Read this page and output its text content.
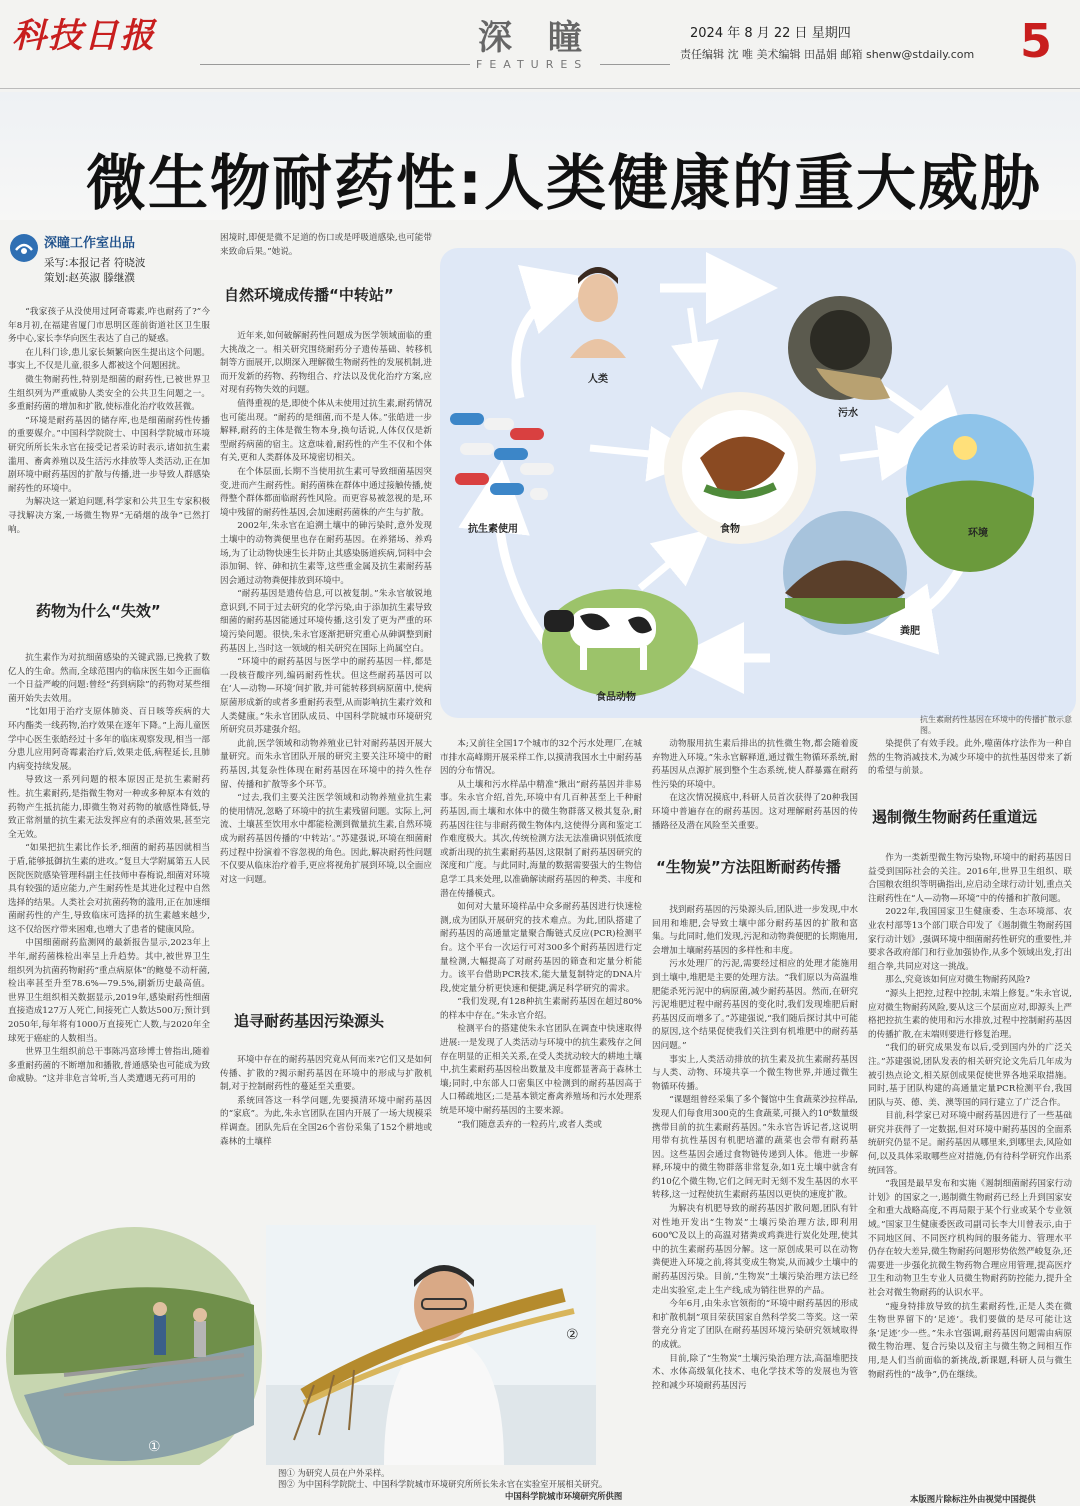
科技日报	深 瞳
FEATURES
2024 年 8 月 22 日 星期四
责任编辑 沈 唯 美术编辑 田晶娟 邮箱 shenw@stdaily.com 5
微生物耐药性:人类健康的重大威胁
深瞳工作室出品
采写:本报记者 符晓波
策划:赵英淑 滕继濮

“我家孩子从没使用过阿奇霉素,咋也耐药了?”今年8月初,在福建省厦门市思明区莲前街道社区卫生服务中心,家长李华向医生表达了自己的疑惑。

在儿科门诊,患儿家长频繁向医生提出这个问题。事实上,不仅是儿童,很多人都被这个问题困扰。

微生物耐药性,特别是细菌的耐药性,已被世界卫生组织列为严重威胁人类安全的公共卫生问题之一。多重耐药菌的增加和扩散,使标准化治疗收效甚微。

“环境是耐药基因的储存库,也是细菌耐药性传播的重要媒介。”中国科学院院士、中国科学院城市环境研究所所长朱永官在接受记者采访时表示,诸如抗生素滥用、畜禽养殖以及生活污水排放等人类活动,正在加剧环境中耐药基因的扩散与传播,进一步导致人群感染耐药性的环境中。

为解决这一紧迫问题,科学家和公共卫生专家积极寻找解决方案,一场微生物界“无硝烟的战争”已然打响。

药物为什么“失效”

抗生素作为对抗细菌感染的关键武器,已挽救了数亿人的生命。然而,全球范围内的临床医生如今正面临一个日益严峻的问题:曾经“药到病除”的药物对某些细菌开始失去效用。

“比如用于治疗支原体肺炎、百日咳等疾病的大环内酯类一线药物,治疗效果在逐年下降。”上海儿童医学中心医生张皓经过十多年的临床观察发现,相当一部分患儿应用阿奇霉素治疗后,效果走低,病程延长,且肺内病变持续发展。

导致这一系列问题的根本原因正是抗生素耐药性。抗生素耐药,是指微生物对一种或多种原本有效的药物产生抵抗能力,即微生物对药物的敏感性降低,导致正常剂量的抗生素无法发挥应有的杀菌效果,甚至完全无效。

“如果把抗生素比作长矛,细菌的耐药基因就相当于盾,能够抵御抗生素的进攻。”复旦大学附属第五人民医院医院感染管理科副主任技师申春梅说,细菌对环境具有较强的适应能力,产生耐药性是其进化过程中自然选择的结果。人类社会对抗菌药物的滥用,正在加速细菌耐药性的产生,导致临床可选择的抗生素越来越少,这不仅给医疗带来困难,也增大了患者的健康风险。

中国细菌耐药监测网的最新报告显示,2023年上半年,耐药菌株检出率呈上升趋势。其中,被世界卫生组织列为抗菌药物耐药“重点病原体”的鲍曼不动杆菌,检出率甚至升至78.6%—79.5%,刷新历史最高值。世界卫生组织相关数据显示,2019年,感染耐药性细菌直接造成127万人死亡,间接死亡人数达500万;预计到2050年,每年将有1000万直接死亡人数,与2020年全球死于癌症的人数相当。

世界卫生组织前总干事陈冯富珍博士曾指出,随着多重耐药菌的不断增加和播散,普通感染也可能成为致命威胁。“这并非危言耸听,当人类遭遇无药可用的

困境时,即便是微不足道的伤口或是呼吸道感染,也可能带来致命后果。”她说。

自然环境成传播“中转站”

近年来,如何破解耐药性问题成为医学领域面临的重大挑战之一。相关研究围绕耐药分子遗传基础、转移机制等方面展开,以期深入理解微生物耐药性的发展机制,进而开发新的药物、药物组合、疗法以及优化治疗方案,应对现有药物失效的问题。

值得重视的是,即使个体从未使用过抗生素,耐药情况也可能出现。“耐药的是细菌,而不是人体。”张皓进一步解释,耐药的主体是微生物本身,换句话说,人体仅仅是新型耐药病菌的宿主。这意味着,耐药性的产生不仅和个体有关,更和人类群体及环境密切相关。

在个体层面,长期不当使用抗生素可导致细菌基因突变,进而产生耐药性。耐药菌株在群体中通过接触传播,使得整个群体都面临耐药性风险。而更容易被忽视的是,环境中残留的耐药性基因,会加速耐药菌株的产生与扩散。

2002年,朱永官在追溯土壤中的砷污染时,意外发现土壤中的动物粪便里也存在耐药基因。在养猪场、养鸡场,为了让动物快速生长并防止其感染肠道疾病,饲料中会添加铜、锌、砷和抗生素等,这些重金属及抗生素耐药基因会通过动物粪便排放到环境中。

“耐药基因是遗传信息,可以被复制。”朱永官敏锐地意识到,不同于过去研究的化学污染,由于添加抗生素导致细菌的耐药基因能通过环境传播,这引发了更为严重的环境污染问题。很快,朱永官逐渐把研究重心从砷调整到耐药基因上,当时这一领域的相关研究在国际上尚属空白。

“环境中的耐药基因与医学中的耐药基因一样,都是一段核苷酸序列,编码耐药性状。但这些耐药基因可以在‘人—动物—环境’间扩散,并可能转移到病原菌中,使病原菌形成新的或者多重耐药表型,从而影响抗生素疗效和人类健康。”朱永官团队成员、中国科学院城市环境研究所研究员苏建强介绍。

此前,医学领域和动物养殖业已针对耐药基因开展大量研究。而朱永官团队开展的研究主要关注环境中的耐药基因,其复杂性体现在耐药基因在环境中的持久性存留、传播和扩散等多个环节。

“过去,我们主要关注医学领域和动物养殖业抗生素的使用情况,忽略了环境中的抗生素残留问题。实际上,河流、土壤甚至饮用水中都能检测到微量抗生素,自然环境成为耐药基因传播的‘中转站’。”苏建强说,环境在细菌耐药过程中扮演着不容忽视的角色。因此,解决耐药性问题不仅要从临床治疗着手,更应将视角扩展到环境,以全面应对这一问题。

追寻耐药基因污染源头

环境中存在的耐药基因究竟从何而来?它们又是如何传播、扩散的?揭示耐药基因在环境中的形成与扩散机制,对于控制耐药性的蔓延至关重要。

系统回答这一科学问题,先要摸清环境中耐药基因的“家底”。为此,朱永官团队在国内开展了一场大规模采样调查。团队先后在全国26个省份采集了152个耕地或森林的土壤样

人类
污水
抗生素使用	食物	环境
粪肥
食品动物
抗生素耐药性基因在环境中的传播扩散示意图。

本;又前往全国17个城市的32个污水处理厂,在城市排水高峰期开展采样工作,以摸清我国水土中耐药基因的分布情况。

从土壤和污水样品中精准“揪出”耐药基因并非易事。朱永官介绍,首先,环境中有几百种甚至上千种耐药基因,而土壤和水体中的微生物群落又极其复杂,耐药基因往往与非耐药微生物体内,这使得分离和鉴定工作难度极大。其次,传统检测方法无法准确识别低浓度或新出现的抗生素耐药基因,这限制了耐药基因研究的深度和广度。与此同时,海量的数据需要强大的生物信息学工具来处理,以准确解读耐药基因的种类、丰度和潜在传播模式。

如何对大量环境样品中众多耐药基因进行快速检测,成为团队开展研究的技术难点。为此,团队搭建了耐药基因的高通量定量聚合酶链式反应(PCR)检测平台。这个平台一次运行可对300多个耐药基因进行定量检测,大幅提高了对耐药基因的筛查和定量分析能力。该平台借助PCR技术,能大量复制特定的DNA片段,使定量分析更快速和便捷,满足科学研究的需求。

“我们发现,有128种抗生素耐药基因在超过80%的样本中存在。”朱永官介绍。

检测平台的搭建使朱永官团队在调查中快速取得进展:一是发现了人类活动与环境中的抗生素残存之间存在明显的正相关关系,在受人类扰动较大的耕地土壤中,抗生素耐药基因检出数量及丰度都显著高于森林土壤;同时,中东部人口密集区中检测到的耐药基因高于人口稀疏地区;二是基本锁定畜禽养殖场和污水处理系统是环境中耐药基因的主要来源。

“我们随意丢弃的一粒药片,或者人类或

动物服用抗生素后排出的抗性微生物,都会随着废弃物进入环境。”朱永官解释道,通过微生物循环系统,耐药基因从点源扩展到整个生态系统,使人群暴露在耐药性污染的环境中。

在这次情况摸底中,科研人员首次获得了20种我国环境中普遍存在的耐药基因。这对理解耐药基因的传播路径及潜在风险至关重要。

“生物炭”方法阻断耐药传播

找到耐药基因的污染源头后,团队进一步发现,中水回用和堆肥,会导致土壤中部分耐药基因的扩散和富集。与此同时,他们发现,污泥和动物粪便肥的长期施用,会增加土壤耐药基因的多样性和丰度。

污水处理厂的污泥,需要经过相应的处理才能施用到土壤中,堆肥是主要的处理方法。“我们原以为高温堆肥能杀死污泥中的病原菌,减少耐药基因。然而,在研究污泥堆肥过程中耐药基因的变化时,我们发现堆肥后耐药基因反而增多了。”苏建强说,“我们随后探讨其中可能的原因,这个结果促使我们关注到有机堆肥中的耐药基因问题。”

事实上,人类活动排放的抗生素及抗生素耐药基因与人类、动物、环境共享一个微生物世界,并通过微生物循环传播。

“课题组曾经采集了多个餐馆中生食蔬菜沙拉样品,发现人们每食用300克的生食蔬菜,可摄入约10⁶数量级携带目前的抗生素耐药基因。”朱永官告诉记者,这说明用带有抗性基因有机肥培灌的蔬菜也会带有耐药基因。这些基因会通过食物链传递到人体。他进一步解释,环境中的微生物群落非常复杂,如1克土壤中就含有约10亿个微生物,它们之间无时无刻不发生基因的水平转移,这一过程使抗生素耐药基因以更快的速度扩散。

为解决有机肥导致的耐药基因扩散问题,团队有针对性地开发出“生物炭”土壤污染治理方法,即利用600℃及以上的高温对猪粪或鸡粪进行炭化处理,使其中的抗生素耐药基因分解。这一原创成果可以在动物粪便进入环境之前,将其变成生物炭,从而减少土壤中的耐药基因污染。目前,“生物炭”土壤污染治理方法已经走出实验室,走上生产线,成为销往世界的产品。

今年6月,由朱永官领衔的“环境中耐药基因的形成和扩散机制”项目荣获国家自然科学奖二等奖。这一荣誉充分肯定了团队在耐药基因环境污染研究领域取得的成就。

目前,除了“生物炭”土壤污染治理方法,高温堆肥技术、水体高级氧化技术、电化学技术等的发展也为管控和减少环境耐药基因污

染提供了有效手段。此外,噬菌体疗法作为一种自然的生物消减技术,为减少环境中的抗性基因带来了新的希望与前景。

遏制微生物耐药任重道远

作为一类新型微生物污染物,环境中的耐药基因日益受到国际社会的关注。2016年,世界卫生组织、联合国粮农组织等明确指出,应启动全球行动计划,重点关注耐药性在“人—动物—环境”中的传播和扩散问题。

2022年,我国国家卫生健康委、生态环境部、农业农村部等13个部门联合印发了《遏制微生物耐药国家行动计划》,强调环境中细菌耐药性研究的重要性,并要求各政府部门和行业加强协作,从多个领域出发,打出组合拳,共同应对这一挑战。

那么,究竟该如何应对微生物耐药风险?

“源头上把控,过程中控制,末端上修复。”朱永官说,应对微生物耐药风险,要从这三个层面应对,即源头上严格把控抗生素的使用和污水排放,过程中控制耐药基因的传播扩散,在末端则要进行修复治理。

“我们的研究成果发布以后,受到国内外的广泛关注。”苏建强说,团队发表的相关研究论文先后几年成为被引热点论文,相关原创成果促使世界各地采取措施。同时,基于团队构建的高通量定量PCR检测平台,我国团队与英、德、美、澳等国的同行建立了广泛合作。

目前,科学家已对环境中耐药基因进行了一些基础研究并获得了一定数据,但对环境中耐药基因的全面系统研究仍显不足。耐药基因从哪里来,到哪里去,风险如何,以及具体采取哪些应对措施,仍有待科学研究作出系统回答。

“我国是最早发布和实施《遏制细菌耐药国家行动计划》的国家之一,遏制微生物耐药已经上升到国家安全和重大战略高度,不再局限于某个行业或某个专业领域。”国家卫生健康委医政司副司长李大川曾表示,由于不同地区间、不同医疗机构间的服务能力、管理水平仍存在较大差异,微生物耐药问题形势依然严峻复杂,还需要进一步强化抗微生物药物合理应用管理,提高医疗卫生和动物卫生专业人员微生物耐药防控能力,提升全社会对微生物耐药的认识水平。

“瘦身特排放导致的抗生素耐药性,正是人类在微生物世界留下的‘足迹’。我们要做的是尽可能让这条‘足迹’少一些。”朱永官强调,耐药基因问题需由病原微生物治理、复合污染以及宿主与微生物之间相互作用,是人们当前面临的新挑战,新课题,科研人员与微生物耐药性的“战争”,仍在继续。

①
②
图① 为研究人员在户外采样。
图② 为中国科学院院士、中国科学院城市环境研究所所长朱永官在实验室开展相关研究。
中国科学院城市环境研究所供图	本版图片除标注外由视觉中国提供
